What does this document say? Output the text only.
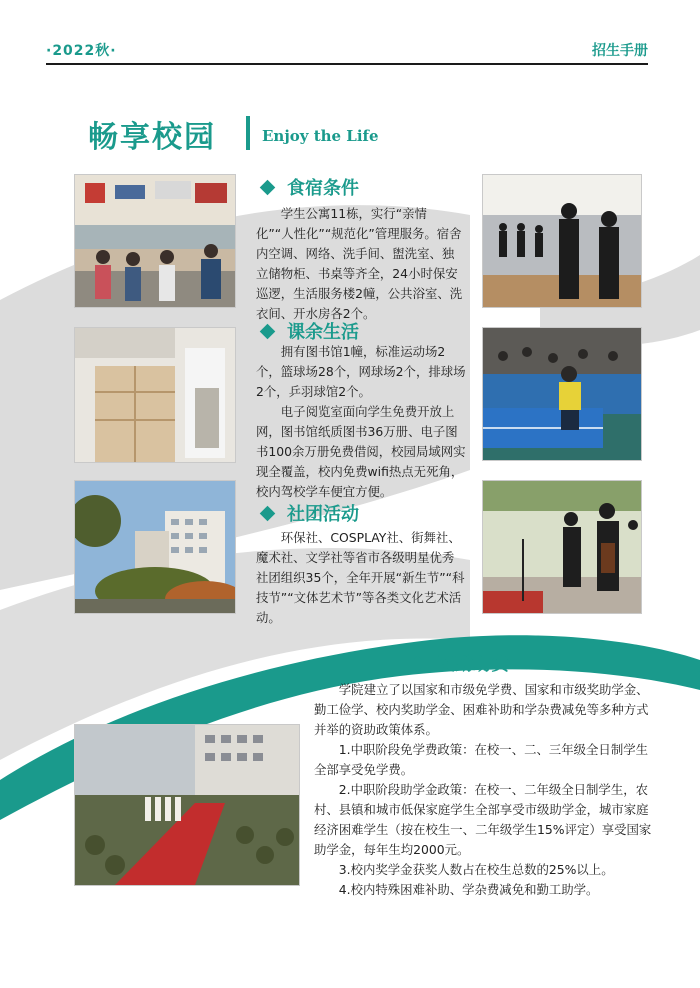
·2022秋·	招生手册
畅享校园	Enjoy the Life
食宿条件

学生公寓11栋，实行“亲情化”“人性化”“规范化”管理服务。宿舍内空调、网络、洗手间、盥洗室、独立储物柜、书桌等齐全，24小时保安巡逻，生活服务楼2幢，公共浴室、洗衣间、开水房各2个。

课余生活

拥有图书馆1幢，标准运动场2个，篮球场28个，网球场2个，排球场2个，乒羽球馆2个。

电子阅览室面向学生免费开放上网，图书馆纸质图书36万册、电子图书100余万册免费借阅，校园局域网实现全覆盖，校内免费wifi热点无死角，校内驾校学车便宜方便。

社团活动

环保社、COSPLAY社、街舞社、魔术社、文学社等省市各级明星优秀社团组织35个，全年开展“新生节”“科技节”“文体艺术节”等各类文化艺术活动。

奖勤助贷

学院建立了以国家和市级免学费、国家和市级奖助学金、勤工俭学、校内奖助学金、困难补助和学杂费减免等多种方式并举的资助政策体系。

1.中职阶段免学费政策：在校一、二、三年级全日制学生全部享受免学费。

2.中职阶段助学金政策：在校一、二年级全日制学生，农村、县镇和城市低保家庭学生全部享受市级助学金，城市家庭经济困难学生（按在校生一、二年级学生15%评定）享受国家助学金，每年生均2000元。

3.校内奖学金获奖人数占在校生总数的25%以上。

4.校内特殊困难补助、学杂费减免和勤工助学。
